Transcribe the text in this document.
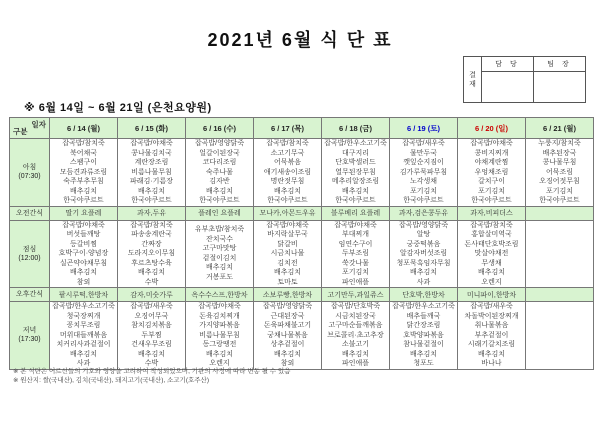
2021년 6월 식 단 표
결
재	담 당	팀 장

※ 6월 14일 ~ 6월 21일 (은천요양원)
일자
구분	6 / 14 (월)	6 / 15 (화)	6 / 16 (수)	6 / 17 (목)	6 / 18 (금)	6 / 19 (토)	6 / 20 (일)	6 / 21 (월)

아침
(07:30)

잡곡밥/참치죽
북어채국
스팸구이
모듬견과류조림
숙주부추무침
배추김치
한국야쿠르트

잡곡밥/야채죽
콩나물김치국
계란장조림
비름나물무침
파래김·기름장
배추김치
한국야쿠르트

잡곡밥/영양닭죽
얼갈이된장국
코다리조림
숙주나물
김자반
배추김치
한국야쿠르트

잡곡밥/참치죽
소고기무국
어묵볶음
애기새송이조림
명란젓무침
배추김치
한국야쿠르트

잡곡밥/한우소고기죽
대구지리
단호박샐러드
열무된장무침
메추리알장조림
배추김치
한국야쿠르트

잡곡밥/새우죽
물만두국
깻잎순지짐이
김가루묵파무침
노각생채
포기김치
한국야쿠르트

잡곡밥/야채죽
콩비지찌개
야채계란찜
우엉채조림
갈치구이
포기김치
한국야쿠르트

누룽지/참치죽
배추된장국
콩나물무침
어묵조림
오징어젓무침
포기김치
한국야쿠르트

오전간식	딸기 요플레	과자,두유	플레인 요플레	모나카,아몬드우유	블루베리 요플레	과자,검은콩두유	과자,비피더스	

점심
(12:00)

잡곡밥/야채죽
버섯들깨탕
등갈비찜
호박구이·양념장
실곤약야채무침
배추김치
참외

잡곡밥/참치죽
파송송계란국
간짜장
도라지오이무침
후르츠탕수육
배추김치
수박

유부초밥/참치죽
잔치국수
고구마맛탕
겉절이김치
배추김치
거봉포도

잡곡밥/야채죽
바지락살무국
닭갈비
시금치나물
김치전
배추김치
토마토

잡곡밥/야채죽
부대찌개
임연수구이
두부조림
쑥갓나물
포기김치
파인애플

잡곡밥/영양닭죽
알탕
궁중떡볶음
알감자버섯조림
청포묵흑임자무침
배추김치
사과

잡곡밥/참치죽
홍합살미역국
돈사태단호박조림
맛살야채전
무생채
배추김치
오렌지

오후간식	팥시루떡,한방차	감자,미숫가루	옥수수스프,한방차	소보루빵,한방차	고기만두,과일쥬스	단호박,한방차	미니파이,한방차	

저녁
(17:30)

잡곡밥/한우소고기죽
청국장찌개
꽁치무조림
머위대들깨볶음
치커리사과겉절이
배추김치
사과

잡곡밥/새우죽
오징어무국
참치김치볶음
두부찜
건새우무조림
배추김치
수박

잡곡밥/야채죽
돈육김치찌개
가지양파볶음
비름나물무침
동그랑땡전
배추김치
오렌지

잡곡밥/영양닭죽
근대된장국
돈육파채불고기
궁채나물볶음
상추겉절이
배추김치
참외

잡곡밥/단호박죽
시금치된장국
고구마순들깨볶음
브로콜리·초고추장
소불고기
배추김치
파인애플

잡곡밥/한우소고기죽
배추들깨국
닭간장조림
호박양파볶음
참나물겉절이
배추김치
청포도

잡곡밥/새우죽
차돌박이된장찌개
취나물볶음
부추겉절이
시래기갈치조림
배추김치
바나나

※ 본 식단은 어르신들의 기호와 영양을 고려하여 작성되었으며, 기관의 사정에 따라 변동 될 수 있음
※ 원산지: 쌀(국내산), 김치(국내산), 돼지고기(국내산), 소고기(호주산)
